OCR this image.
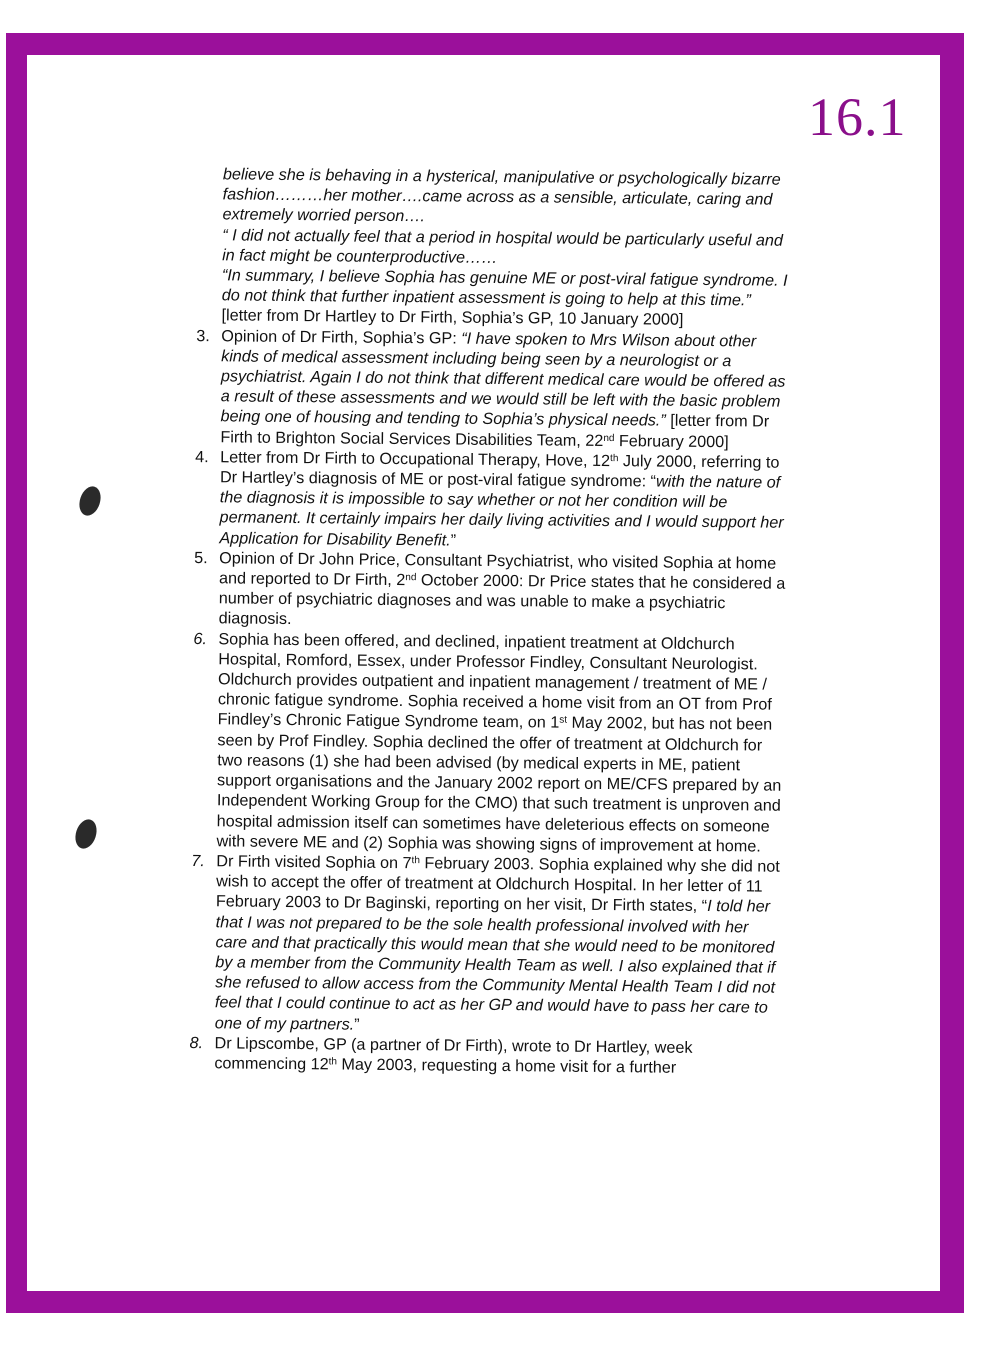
16.1

believe she is behaving in a hysterical, manipulative or psychologically bizarre fashion………her mother….came across as a sensible, articulate, caring and extremely worried person….

“ I did not actually feel that a period in hospital would be particularly useful and in fact might be counterproductive……

“In summary, I believe Sophia has genuine ME or post-viral fatigue syndrome. I do not think that further inpatient assessment is going to help at this time.” [letter from Dr Hartley to Dr Firth, Sophia’s GP, 10 January 2000]

3. Opinion of Dr Firth, Sophia’s GP: “I have spoken to Mrs Wilson about other kinds of medical assessment including being seen by a neurologist or a psychiatrist. Again I do not think that different medical care would be offered as a result of these assessments and we would still be left with the basic problem being one of housing and tending to Sophia’s physical needs.” [letter from Dr Firth to Brighton Social Services Disabilities Team, 22nd February 2000]

4. Letter from Dr Firth to Occupational Therapy, Hove, 12th July 2000, referring to Dr Hartley’s diagnosis of ME or post-viral fatigue syndrome: “with the nature of the diagnosis it is impossible to say whether or not her condition will be permanent. It certainly impairs her daily living activities and I would support her Application for Disability Benefit.”

5. Opinion of Dr John Price, Consultant Psychiatrist, who visited Sophia at home and reported to Dr Firth, 2nd October 2000: Dr Price states that he considered a number of psychiatric diagnoses and was unable to make a psychiatric diagnosis.

6. Sophia has been offered, and declined, inpatient treatment at Oldchurch Hospital, Romford, Essex, under Professor Findley, Consultant Neurologist. Oldchurch provides outpatient and inpatient management / treatment of ME / chronic fatigue syndrome. Sophia received a home visit from an OT from Prof Findley’s Chronic Fatigue Syndrome team, on 1st May 2002, but has not been seen by Prof Findley. Sophia declined the offer of treatment at Oldchurch for two reasons (1) she had been advised (by medical experts in ME, patient support organisations and the January 2002 report on ME/CFS prepared by an Independent Working Group for the CMO) that such treatment is unproven and hospital admission itself can sometimes have deleterious effects on someone with severe ME and (2) Sophia was showing signs of improvement at home.

7. Dr Firth visited Sophia on 7th February 2003. Sophia explained why she did not wish to accept the offer of treatment at Oldchurch Hospital. In her letter of 11 February 2003 to Dr Baginski, reporting on her visit, Dr Firth states, “I told her that I was not prepared to be the sole health professional involved with her care and that practically this would mean that she would need to be monitored by a member from the Community Health Team as well. I also explained that if she refused to allow access from the Community Mental Health Team I did not feel that I could continue to act as her GP and would have to pass her care to one of my partners.”

8. Dr Lipscombe, GP (a partner of Dr Firth), wrote to Dr Hartley, week commencing 12th May 2003, requesting a home visit for a further
